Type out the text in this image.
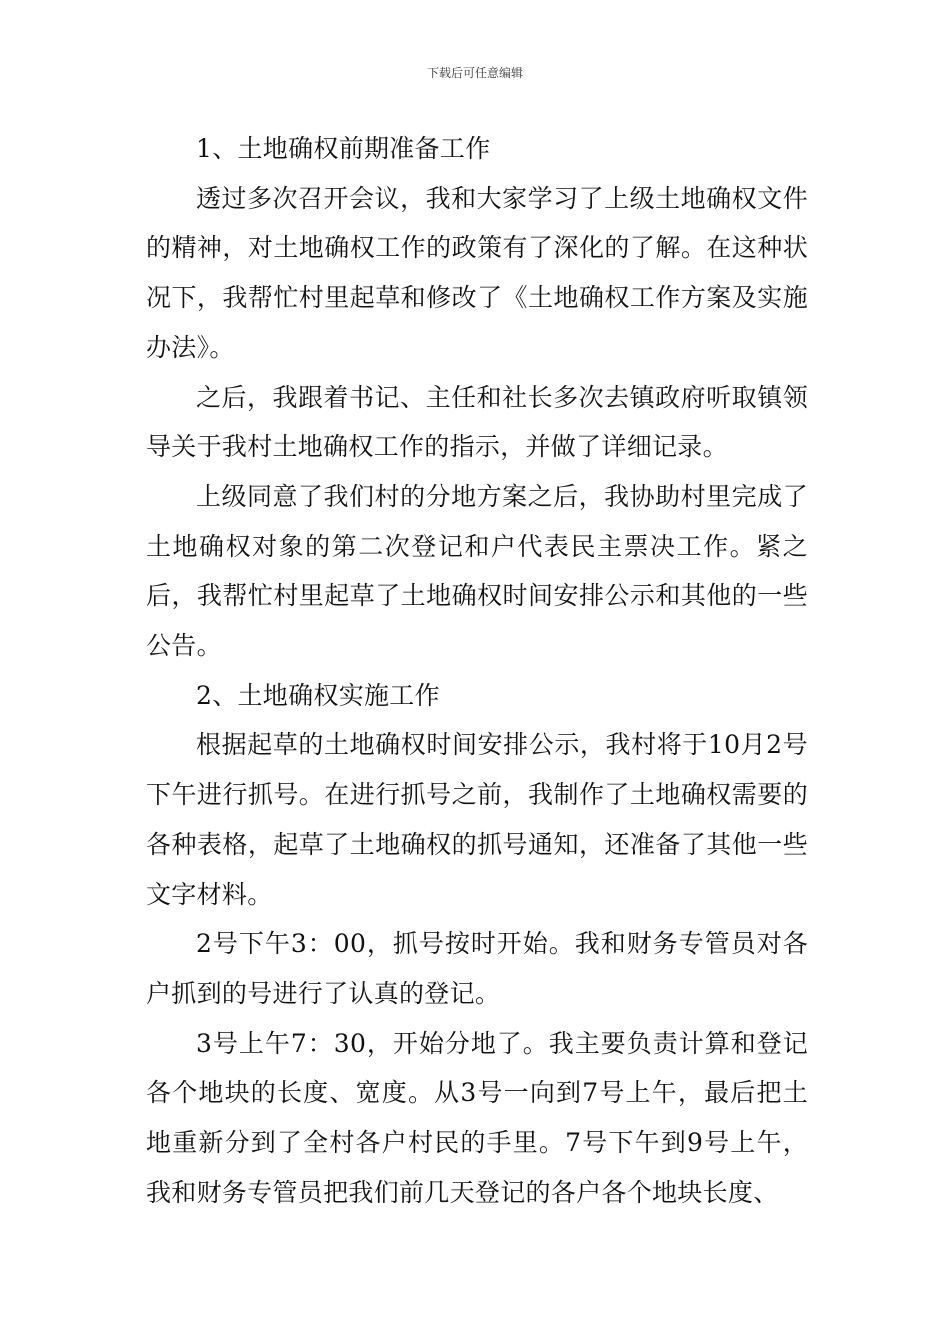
下载后可任意编辑

1、土地确权前期准备工作

透过多次召开会议，我和大家学习了上级土地确权文件的精神，对土地确权工作的政策有了深化的了解。在这种状况下，我帮忙村里起草和修改了《土地确权工作方案及实施办法》。

之后，我跟着书记、主任和社长多次去镇政府听取镇领导关于我村土地确权工作的指示，并做了详细记录。

上级同意了我们村的分地方案之后，我协助村里完成了土地确权对象的第二次登记和户代表民主票决工作。紧之后，我帮忙村里起草了土地确权时间安排公示和其他的一些公告。

2、土地确权实施工作

根据起草的土地确权时间安排公示，我村将于10月2号下午进行抓号。在进行抓号之前，我制作了土地确权需要的各种表格，起草了土地确权的抓号通知，还准备了其他一些文字材料。

2号下午3：00，抓号按时开始。我和财务专管员对各户抓到的号进行了认真的登记。

3号上午7：30，开始分地了。我主要负责计算和登记各个地块的长度、宽度。从3号一向到7号上午，最后把土地重新分到了全村各户村民的手里。7号下午到9号上午，我和财务专管员把我们前几天登记的各户各个地块长度、
